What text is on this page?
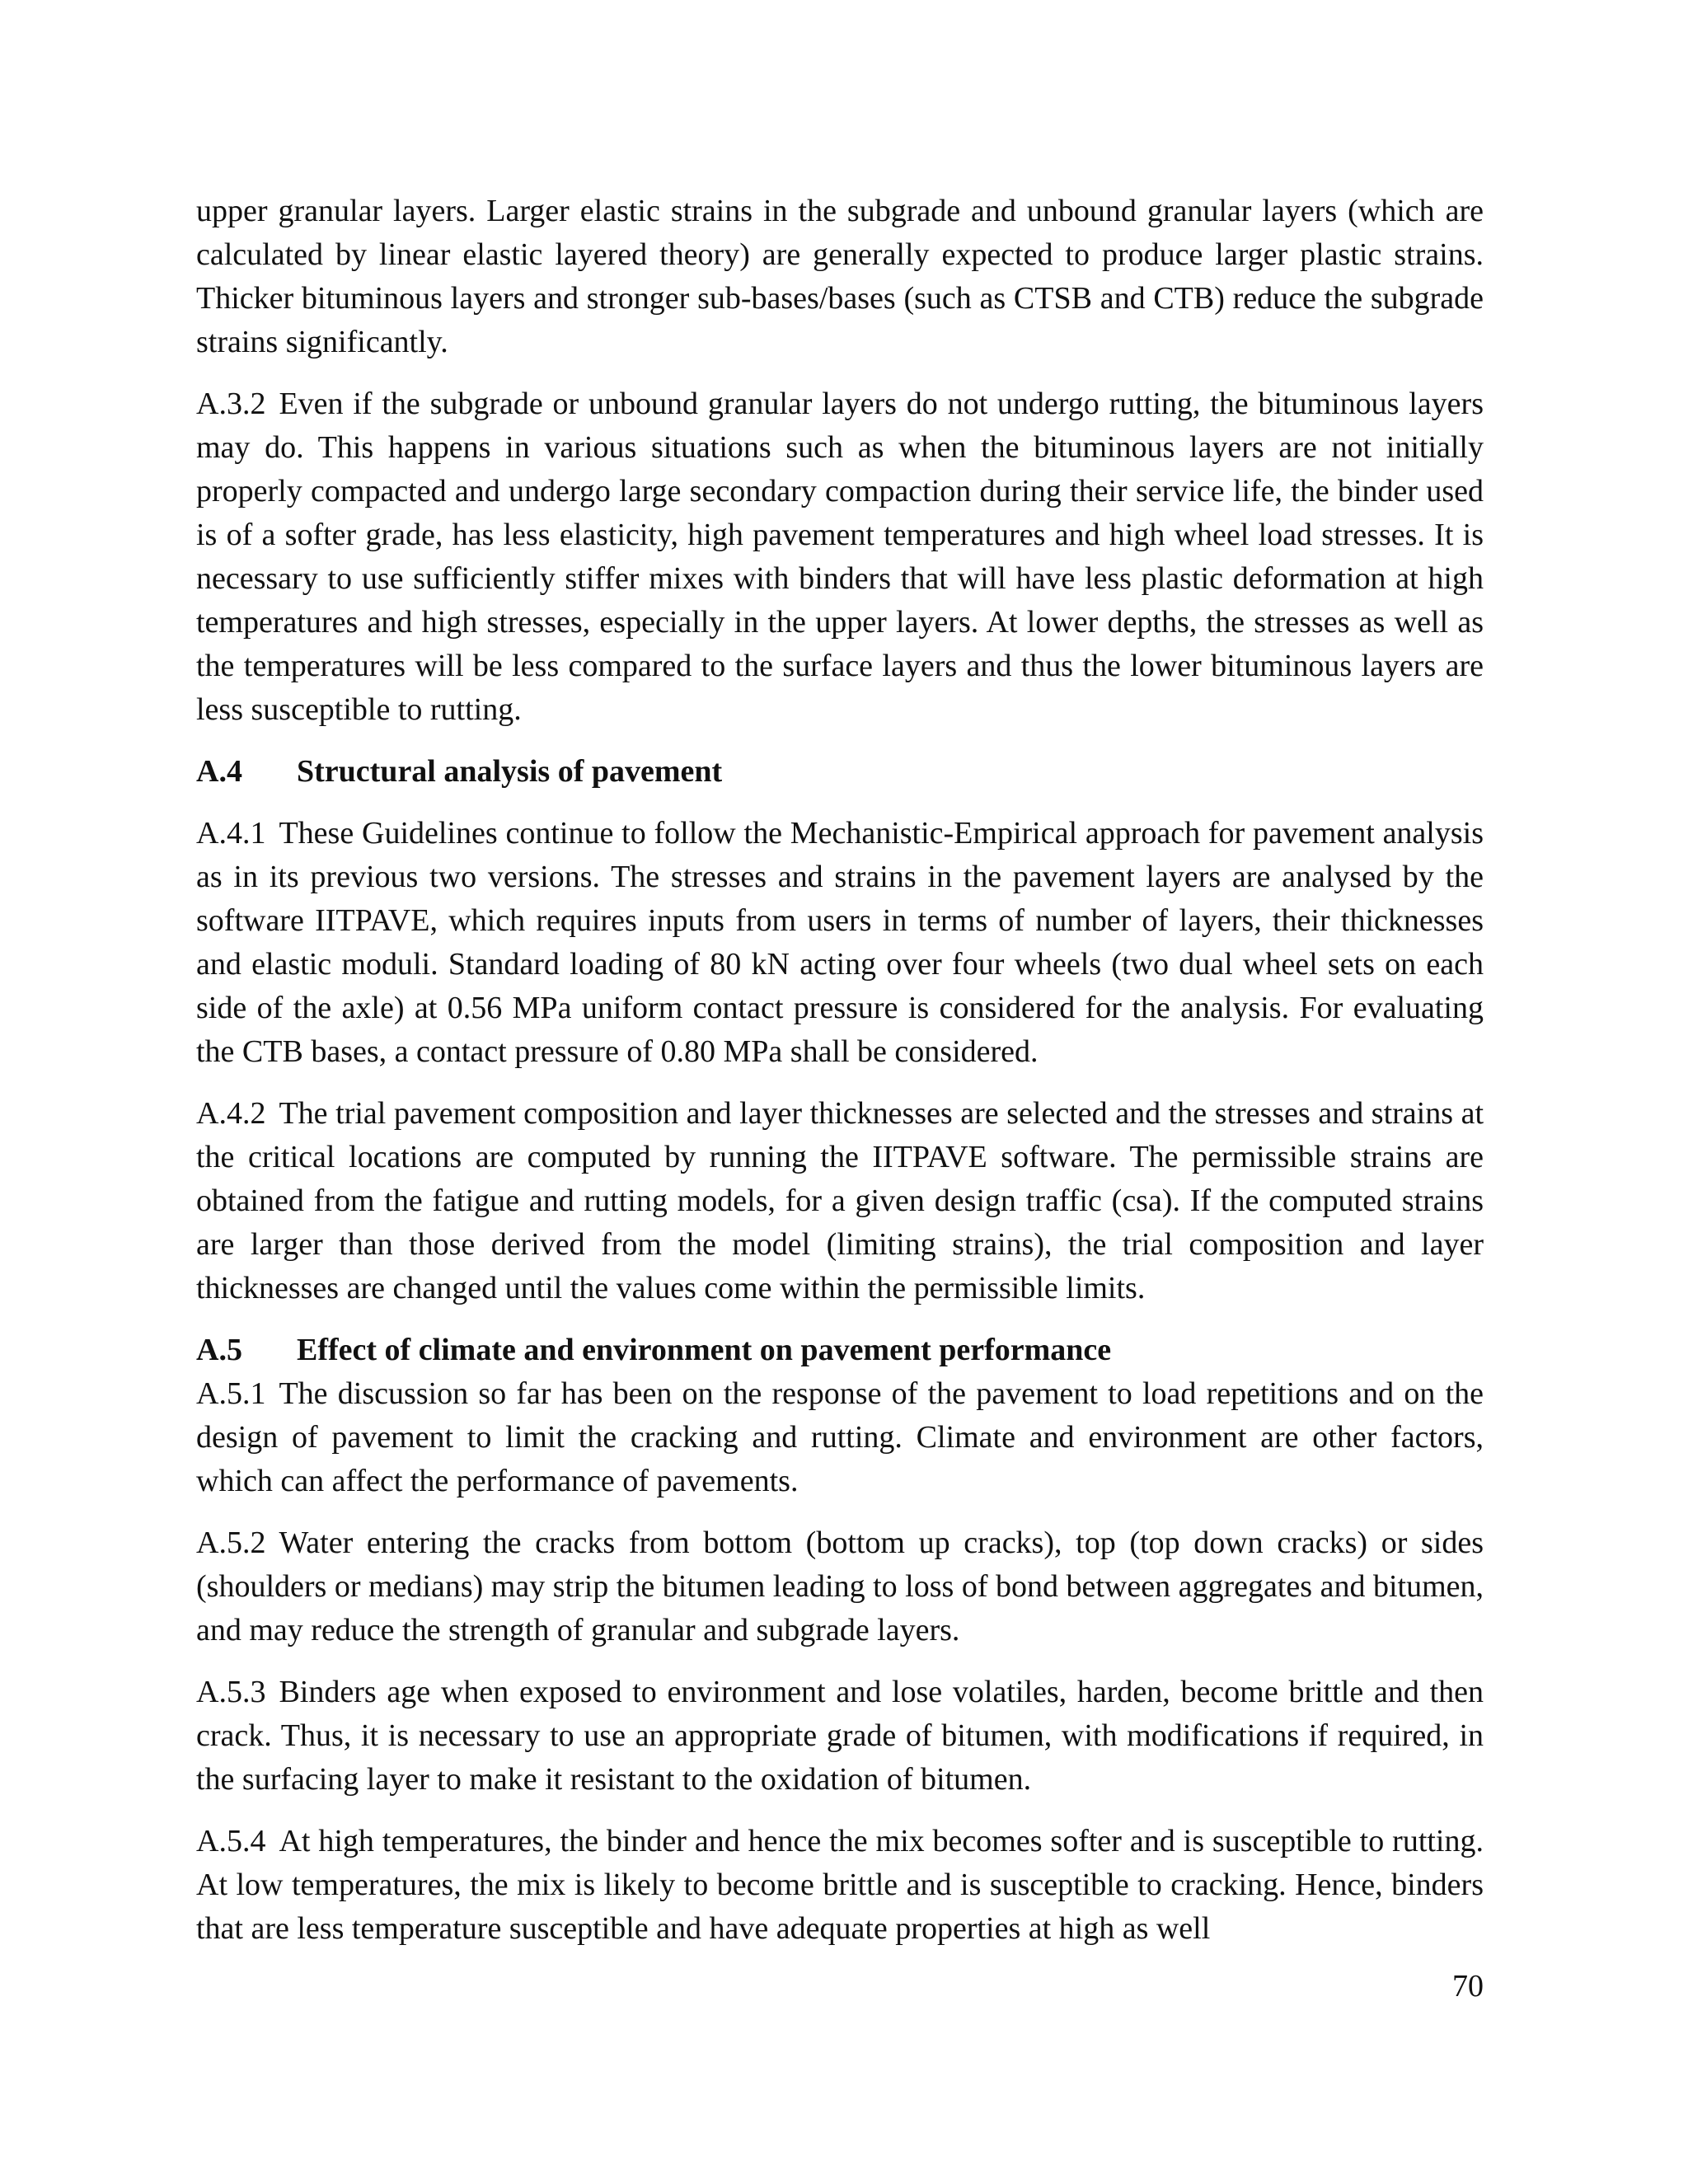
upper granular layers. Larger elastic strains in the subgrade and unbound granular layers (which are calculated by linear elastic layered theory) are generally expected to produce larger plastic strains. Thicker bituminous layers and stronger sub-bases/bases (such as CTSB and CTB) reduce the subgrade strains significantly.

A.3.2 Even if the subgrade or unbound granular layers do not undergo rutting, the bituminous layers may do. This happens in various situations such as when the bituminous layers are not initially properly compacted and undergo large secondary compaction during their service life, the binder used is of a softer grade, has less elasticity, high pavement temperatures and high wheel load stresses. It is necessary to use sufficiently stiffer mixes with binders that will have less plastic deformation at high temperatures and high stresses, especially in the upper layers. At lower depths, the stresses as well as the temperatures will be less compared to the surface layers and thus the lower bituminous layers are less susceptible to rutting.

A.4	Structural analysis of pavement

A.4.1 These Guidelines continue to follow the Mechanistic-Empirical approach for pavement analysis as in its previous two versions. The stresses and strains in the pavement layers are analysed by the software IITPAVE, which requires inputs from users in terms of number of layers, their thicknesses and elastic moduli. Standard loading of 80 kN acting over four wheels (two dual wheel sets on each side of the axle) at 0.56 MPa uniform contact pressure is considered for the analysis. For evaluating the CTB bases, a contact pressure of 0.80 MPa shall be considered.

A.4.2 The trial pavement composition and layer thicknesses are selected and the stresses and strains at the critical locations are computed by running the IITPAVE software. The permissible strains are obtained from the fatigue and rutting models, for a given design traffic (csa). If the computed strains are larger than those derived from the model (limiting strains), the trial composition and layer thicknesses are changed until the values come within the permissible limits.

A.5	Effect of climate and environment on pavement performance

A.5.1 The discussion so far has been on the response of the pavement to load repetitions and on the design of pavement to limit the cracking and rutting. Climate and environment are other factors, which can affect the performance of pavements.

A.5.2 Water entering the cracks from bottom (bottom up cracks), top (top down cracks) or sides (shoulders or medians) may strip the bitumen leading to loss of bond between aggregates and bitumen, and may reduce the strength of granular and subgrade layers.

A.5.3 Binders age when exposed to environment and lose volatiles, harden, become brittle and then crack. Thus, it is necessary to use an appropriate grade of bitumen, with modifications if required, in the surfacing layer to make it resistant to the oxidation of bitumen.

A.5.4 At high temperatures, the binder and hence the mix becomes softer and is susceptible to rutting. At low temperatures, the mix is likely to become brittle and is susceptible to cracking. Hence, binders that are less temperature susceptible and have adequate properties at high as well

70
